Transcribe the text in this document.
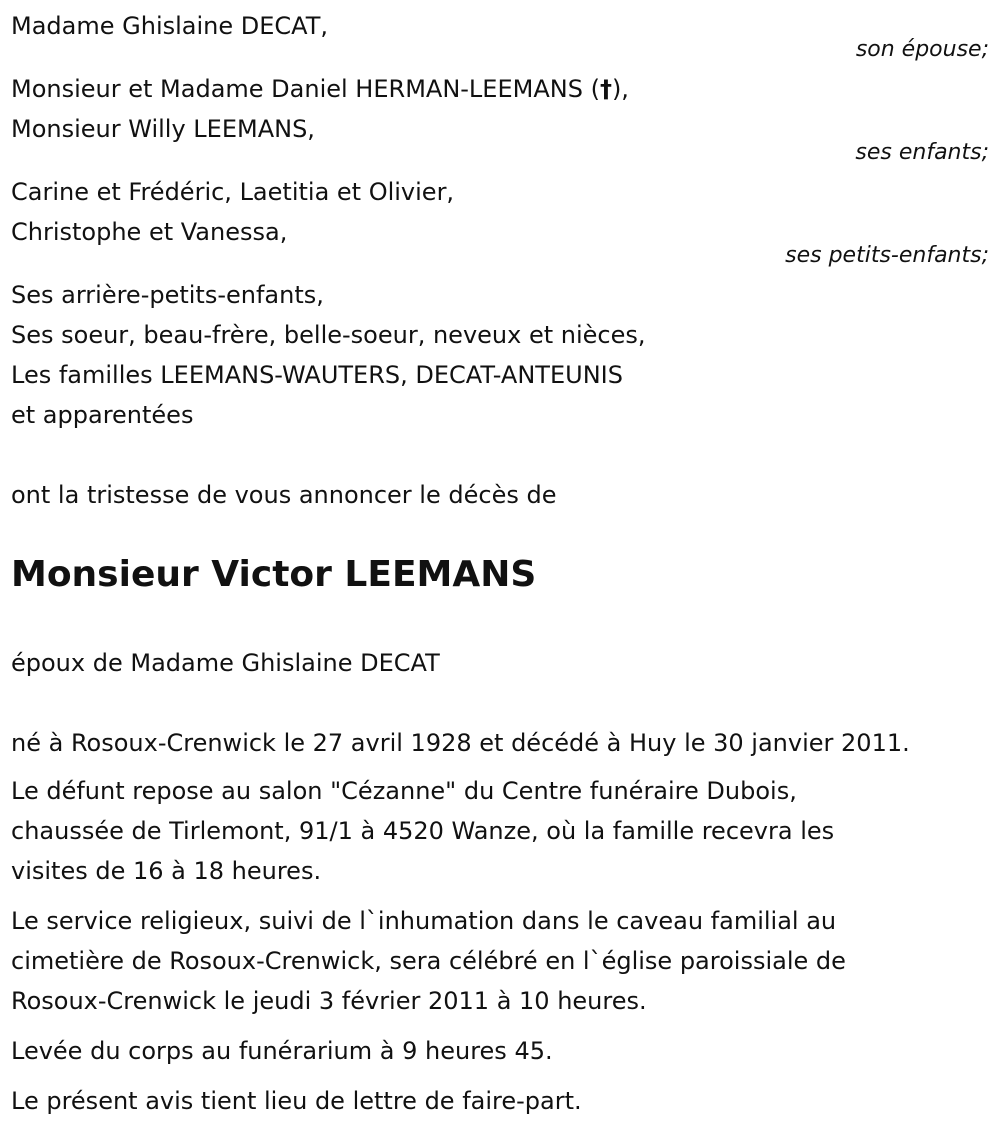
Madame Ghislaine DECAT,
son épouse;
Monsieur et Madame Daniel HERMAN-LEEMANS (†),
Monsieur Willy LEEMANS,
ses enfants;
Carine et Frédéric, Laetitia et Olivier,
Christophe et Vanessa,
ses petits-enfants;
Ses arrière-petits-enfants,
Ses soeur, beau-frère, belle-soeur, neveux et nièces,
Les familles LEEMANS-WAUTERS, DECAT-ANTEUNIS
et apparentées
ont la tristesse de vous annoncer le décès de
Monsieur Victor LEEMANS
époux de Madame Ghislaine DECAT
né à Rosoux-Crenwick le 27 avril 1928 et décédé à Huy le 30 janvier 2011.
Le défunt repose au salon "Cézanne" du Centre funéraire Dubois,
chaussée de Tirlemont, 91/1 à 4520 Wanze, où la famille recevra les
visites de 16 à 18 heures.
Le service religieux, suivi de l`inhumation dans le caveau familial au
cimetière de Rosoux-Crenwick, sera célébré en l`église paroissiale de
Rosoux-Crenwick le jeudi 3 février 2011 à 10 heures.
Levée du corps au funérarium à 9 heures 45.
Le présent avis tient lieu de lettre de faire-part.
